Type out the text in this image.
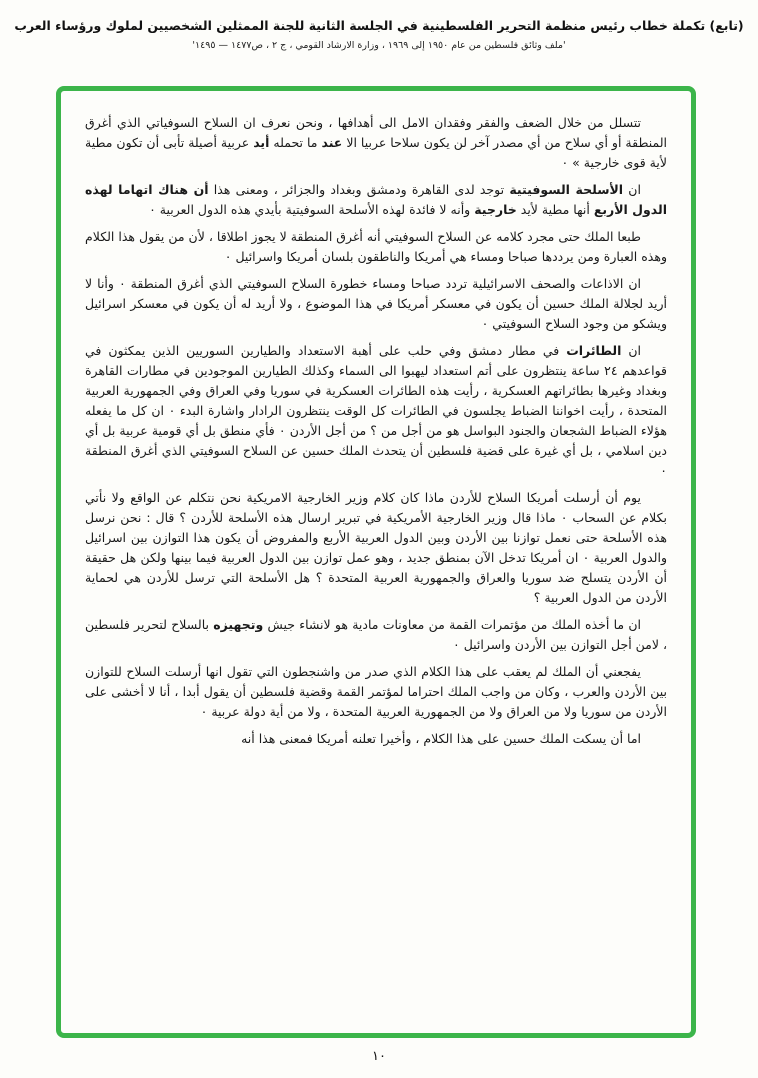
(تابع) تكملة خطاب رئيس منظمة التحرير الفلسطينية في الجلسة الثانية للجنة الممثلين الشخصيين لملوك ورؤساء العرب
'ملف وثائق فلسطين من عام ١٩٥٠ إلى ١٩٦٩ ، وزارة الارشاد القومي ، ج ٢ ، ص١٤٧٧ — ١٤٩٥'

تتسلل من خلال الضعف والفقر وفقدان الامل الى أهدافها ، ونحن نعرف ان السلاح السوفياتي الذي أغرق المنطقة أو أي سلاح من أي مصدر آخر لن يكون سلاحا عربيا الا عند ما تحمله أيد عربية أصيلة تأبى أن تكون مطية لأية قوى خارجية » ٠

ان الأسلحة السوفيتية توجد لدى القاهرة ودمشق وبغداد والجزائر ، ومعنى هذا أن هناك اتهاما لهذه الدول الأربع أنها مطية لأيد خارجية وأنه لا فائدة لهذه الأسلحة السوفيتية بأيدي هذه الدول العربية ٠

طبعا الملك حتى مجرد كلامه عن السلاح السوفيتي أنه أغرق المنطقة لا يجوز اطلاقا ، لأن من يقول هذا الكلام وهذه العبارة ومن يرددها صباحا ومساء هي أمريكا والناطقون بلسان أمريكا واسرائيل ٠

ان الاذاعات والصحف الاسرائيلية تردد صباحا ومساء خطورة السلاح السوفيتي الذي أغرق المنطقة ٠ وأنا لا أريد لجلالة الملك حسين أن يكون في معسكر أمريكا في هذا الموضوع ، ولا أريد له أن يكون في معسكر اسرائيل ويشكو من وجود السلاح السوفيتي ٠

ان الطائرات في مطار دمشق وفي حلب على أهبة الاستعداد والطيارين السوريين الذين يمكثون في قواعدهم ٢٤ ساعة ينتظرون على أتم استعداد ليهبوا الى السماء وكذلك الطيارين الموجودين في مطارات القاهرة وبغداد وغيرها بطائراتهم العسكرية ، رأيت هذه الطائرات العسكرية في سوريا وفي العراق وفي الجمهورية العربية المتحدة ، رأيت اخواننا الضباط يجلسون في الطائرات كل الوقت ينتظرون الرادار واشارة البدء ٠ ان كل ما يفعله هؤلاء الضباط الشجعان والجنود البواسل هو من أجل من ؟ من أجل الأردن ٠ فأي منطق بل أي قومية عربية بل أي دين اسلامي ، بل أي غيرة على قضية فلسطين أن يتحدث الملك حسين عن السلاح السوفيتي الذي أغرق المنطقة ٠

يوم أن أرسلت أمريكا السلاح للأردن ماذا كان كلام وزير الخارجية الامريكية نحن نتكلم عن الواقع ولا نأتي بكلام عن السحاب ٠ ماذا قال وزير الخارجية الأمريكية في تبرير ارسال هذه الأسلحة للأردن ؟ قال : نحن نرسل هذه الأسلحة حتى نعمل توازنا بين الأردن وبين الدول العربية الأربع والمفروض أن يكون هذا التوازن بين اسرائيل والدول العربية ٠ ان أمريكا تدخل الآن بمنطق جديد ، وهو عمل توازن بين الدول العربية فيما بينها ولكن هل حقيقة أن الأردن يتسلح ضد سوريا والعراق والجمهورية العربية المتحدة ؟ هل الأسلحة التي ترسل للأردن هي لحماية الأردن من الدول العربية ؟

ان ما أخذه الملك من مؤتمرات القمة من معاونات مادية هو لانشاء جيش وتجهيزه بالسلاح لتحرير فلسطين ، لامن أجل التوازن بين الأردن واسرائيل ٠

يفجعني أن الملك لم يعقب على هذا الكلام الذي صدر من واشنجطون التي تقول انها أرسلت السلاح للتوازن بين الأردن والعرب ، وكان من واجب الملك احتراما لمؤتمر القمة وقضية فلسطين أن يقول أبدا ، أنا لا أخشى على الأردن من سوريا ولا من العراق ولا من الجمهورية العربية المتحدة ، ولا من أية دولة عربية ٠

اما أن يسكت الملك حسين على هذا الكلام ، وأخيرا تعلنه أمريكا فمعنى هذا أنه

١٠
